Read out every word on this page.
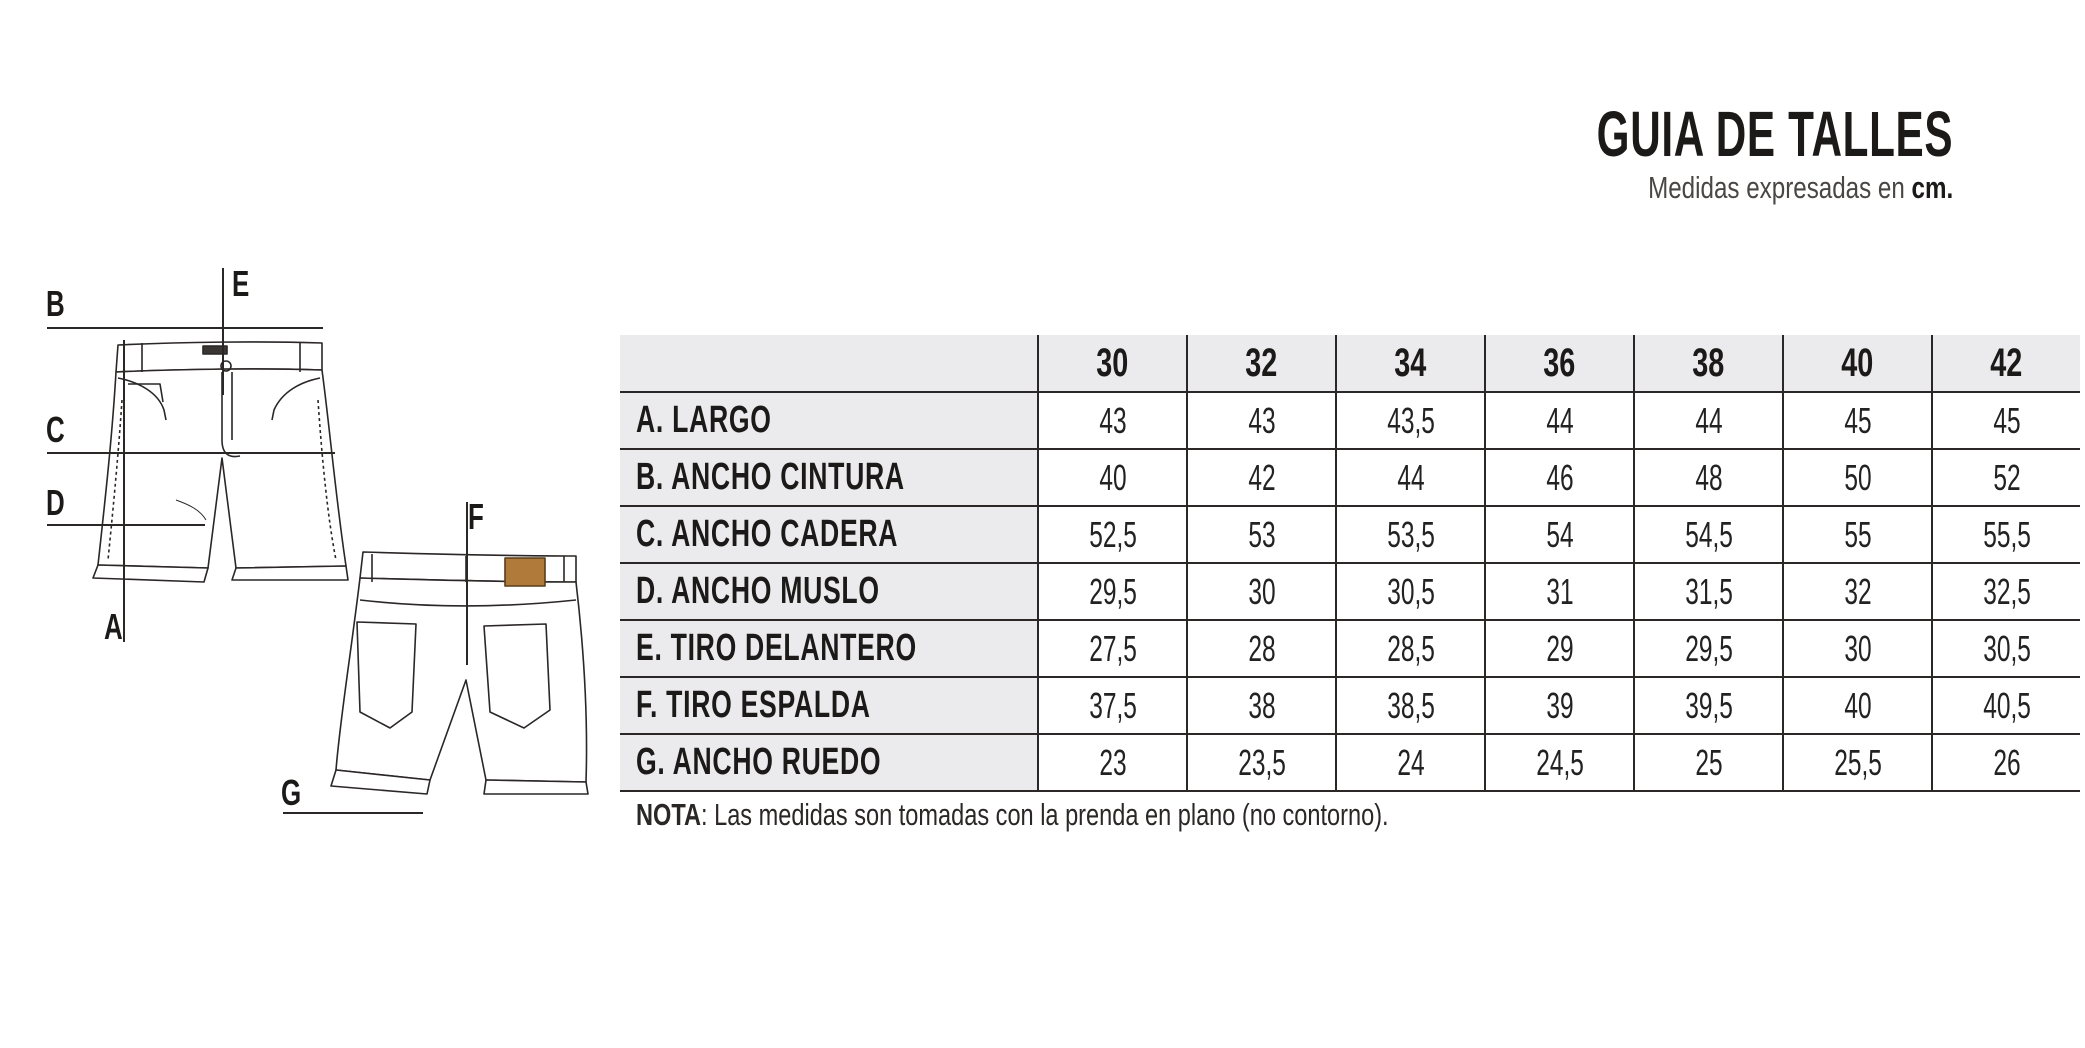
GUIA DE TALLES
Medidas expresadas en cm.
B	E
C
D
A
F
G
	30	32	34	36	38	40	42
A. LARGO	43	43	43,5	44	44	45	45
B. ANCHO CINTURA	40	42	44	46	48	50	52
C. ANCHO CADERA	52,5	53	53,5	54	54,5	55	55,5
D. ANCHO MUSLO	29,5	30	30,5	31	31,5	32	32,5
E. TIRO DELANTERO	27,5	28	28,5	29	29,5	30	30,5
F. TIRO ESPALDA	37,5	38	38,5	39	39,5	40	40,5
G. ANCHO RUEDO	23	23,5	24	24,5	25	25,5	26
NOTA: Las medidas son tomadas con la prenda en plano (no contorno).
